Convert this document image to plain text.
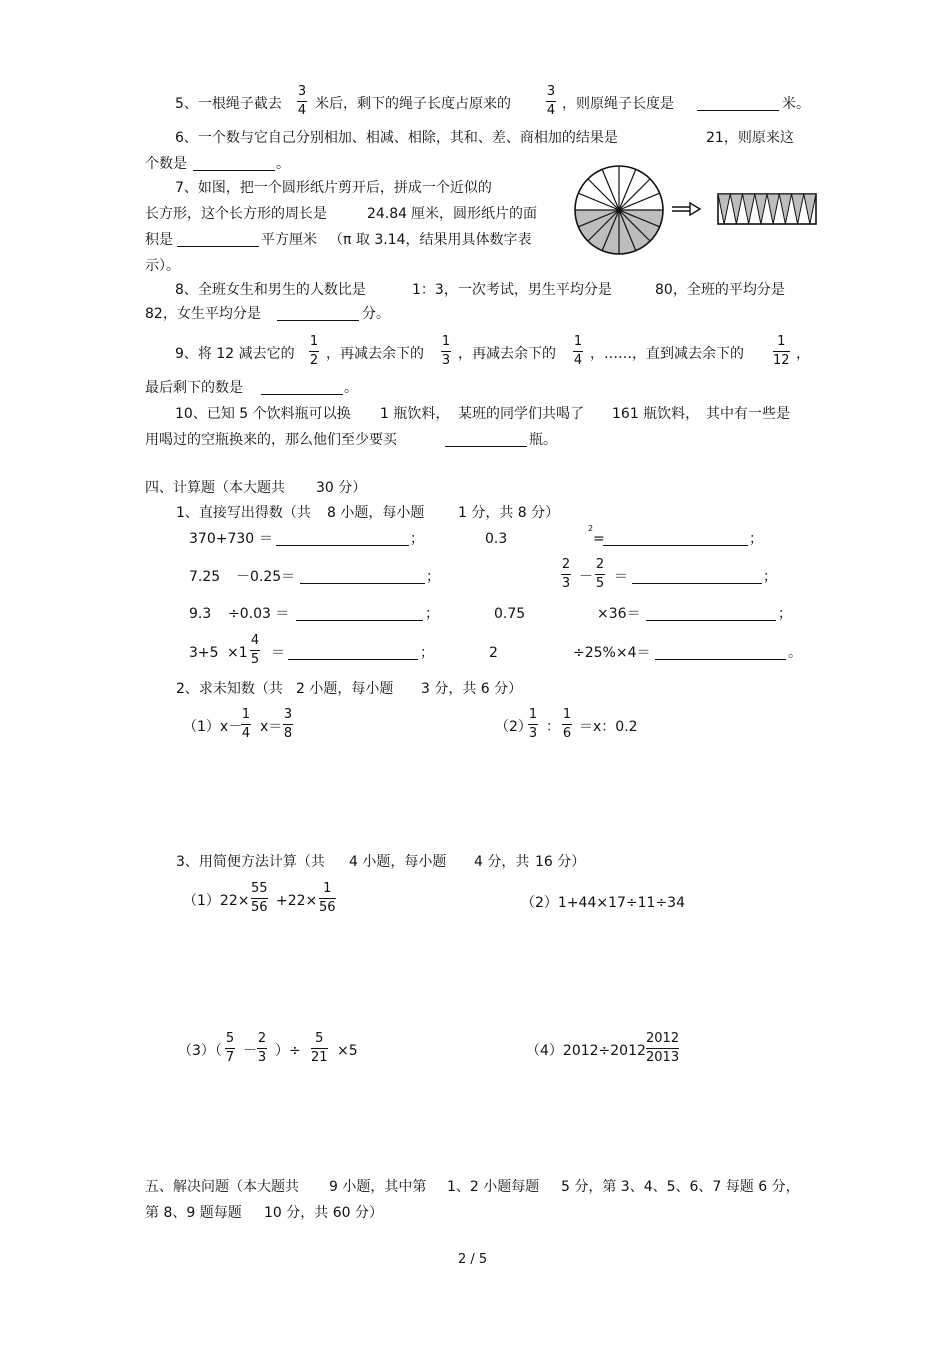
5、一根绳子截去
3
4 米后，剩下的绳子长度占原来的
3
4 ，则原绳子长度是	米。
6、一个数与它自己分别相加、相减、相除，其和、差、商相加的结果是	21，则原来这
个数是	。
7、如图，把一个圆形纸片剪开后，拼成一个近似的
长方形，这个长方形的周长是	24.84 厘米，圆形纸片的面
积是	平方厘米 （π 取 3.14，结果用具体数字表
示）。
8、全班女生和男生的人数比是	1：3，一次考试，男生平均分是	80，全班的平均分是
82，女生平均分是	分。
9、将 12 减去它的
1
2 ，再减去余下的
1
3 ，再减去余下的
1
4 ，……，直到减去余下的
1
12 ，
最后剩下的数是	。
10、已知 5 个饮料瓶可以换 1 瓶饮料， 某班的同学们共喝了 161 瓶饮料， 其中有一些是
用喝过的空瓶换来的，那么他们至少要买	瓶。
四、计算题（本大题共 30 分）
1、直接写出得数（共 8 小题，每小题 1 分，共 8 分）
370+730 ＝	；	0.3
2
=	；
7.25 －0.25＝	；
2
3 －
2
5 ＝	；
9.3 ÷0.03 ＝	；	0.75	×36＝	；
3+5 ×1
4
5 ＝	；	2	÷25%×4＝	。
2、求未知数（共 2 小题，每小题 3 分，共 6 分）
（1）x－
1
4 x＝
3
8	（2）
1
3 ：
1
6 ＝x：0.2
3、用简便方法计算（共 4 小题，每小题 4 分，共 16 分）
（1）22×
55
56 +22×
1
56	（2）1+44×17÷11÷34
（3）（
5
7 －
2
3 ）÷
5
21 ×5	（4）2012÷2012
2012
2013
五、解决问题（本大题共 9 小题，其中第 1、2 小题每题 5 分，第 3、4、5、6、7 每题 6 分，
第 8、9 题每题 10 分，共 60 分）
2 / 5
